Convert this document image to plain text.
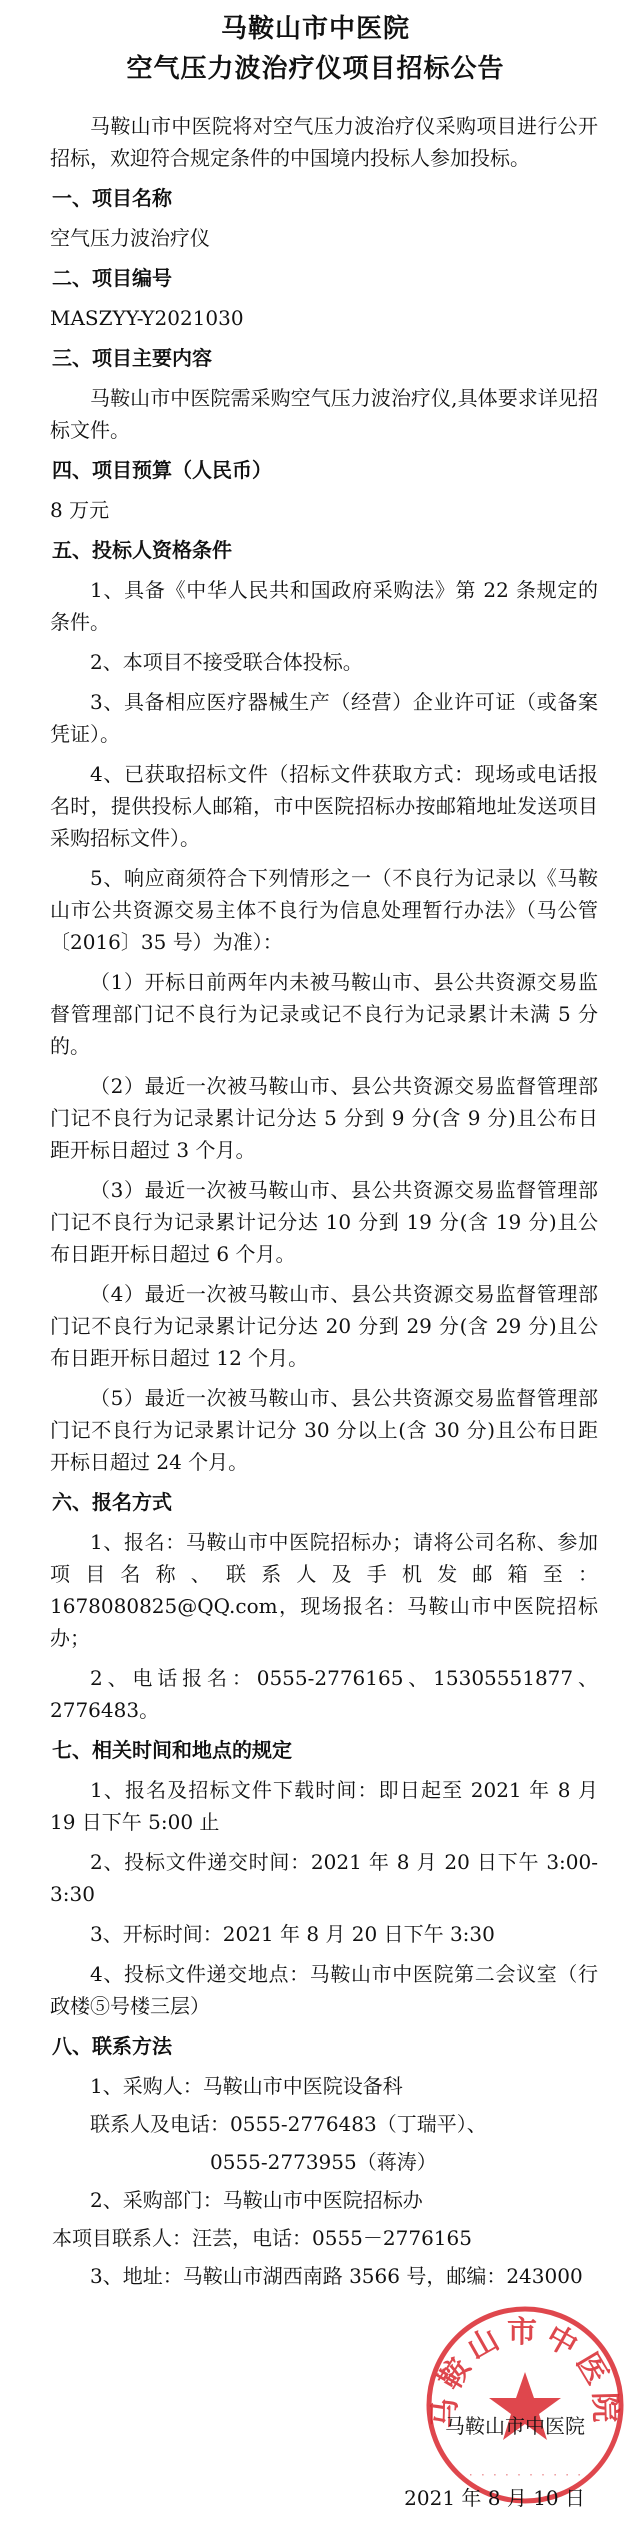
马鞍山市中医院
空气压力波治疗仪项目招标公告

马鞍山市中医院将对空气压力波治疗仪采购项目进行公开招标，欢迎符合规定条件的中国境内投标人参加投标。

一、项目名称
空气压力波治疗仪
二、项目编号
MASZYY-Y2021030
三、项目主要内容

马鞍山市中医院需采购空气压力波治疗仪,具体要求详见招标文件。

四、项目预算（人民币）
8 万元
五、投标人资格条件

1、具备《中华人民共和国政府采购法》第 22 条规定的条件。

2、本项目不接受联合体投标。

3、具备相应医疗器械生产（经营）企业许可证（或备案凭证）。

4、已获取招标文件（招标文件获取方式：现场或电话报名时，提供投标人邮箱，市中医院招标办按邮箱地址发送项目采购招标文件）。

5、响应商须符合下列情形之一（不良行为记录以《马鞍山市公共资源交易主体不良行为信息处理暂行办法》（马公管〔2016〕35 号）为准）：

（1）开标日前两年内未被马鞍山市、县公共资源交易监督管理部门记不良行为记录或记不良行为记录累计未满 5 分的。

（2）最近一次被马鞍山市、县公共资源交易监督管理部门记不良行为记录累计记分达 5 分到 9 分(含 9 分)且公布日距开标日超过 3 个月。

（3）最近一次被马鞍山市、县公共资源交易监督管理部门记不良行为记录累计记分达 10 分到 19 分(含 19 分)且公布日距开标日超过 6 个月。

（4）最近一次被马鞍山市、县公共资源交易监督管理部门记不良行为记录累计记分达 20 分到 29 分(含 29 分)且公布日距开标日超过 12 个月。

（5）最近一次被马鞍山市、县公共资源交易监督管理部门记不良行为记录累计记分 30 分以上(含 30 分)且公布日距开标日超过 24 个月。

六、报名方式

1、报名：马鞍山市中医院招标办；请将公司名称、参加项目名称、联系人及手机发邮箱至：1678080825@QQ.com，现场报名：马鞍山市中医院招标办；

2、电话报名：0555-2776165、15305551877、2776483。

七、相关时间和地点的规定

1、报名及招标文件下载时间：即日起至 2021 年 8 月 19 日下午 5:00 止

2、投标文件递交时间：2021 年 8 月 20 日下午 3:00-3:30

3、开标时间：2021 年 8 月 20 日下午 3:30

4、投标文件递交地点：马鞍山市中医院第二会议室（行政楼⑤号楼三层）

八、联系方法

1、采购人：马鞍山市中医院设备科

联系人及电话：0555-2776483（丁瑞平）、

0555-2773955（蒋涛）

2、采购部门：马鞍山市中医院招标办

本项目联系人：汪芸，电话：0555－2776165

3、地址：马鞍山市湖西南路 3566 号，邮编：243000

马鞍山市中医院
· · · · · · · · · ·
马鞍山市中医院
2021 年 8 月 10 日
